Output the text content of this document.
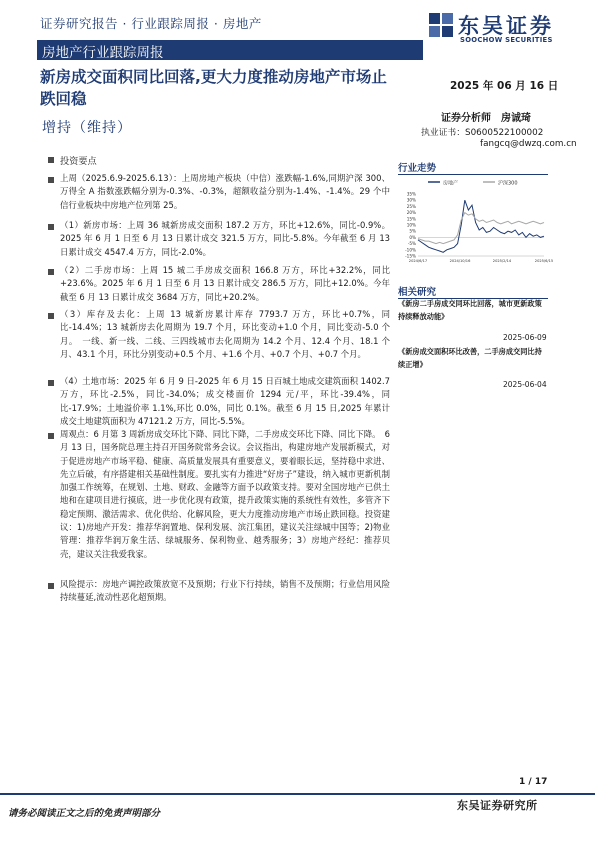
证券研究报告 · 行业跟踪周报 · 房地产	东吴证券
SOOCHOW SECURITIES
房地产行业跟踪周报
新房成交面积同比回落,更大力度推动房地产市场止跌回稳
增持（维持）
2025 年 06 月 16 日
证券分析师　房诚琦
执业证书：S0600522100002
fangcq@dwzq.com.cn
投资要点
上周（2025.6.9-2025.6.13）：上周房地产板块（中信）涨跌幅-1.6%,同期沪深 300、万得全 A 指数涨跌幅分别为-0.3%、-0.3%，超额收益分别为-1.4%、-1.4%。29 个中信行业板块中房地产位列第 25。
（1）新房市场：上周 36 城新房成交面积 187.2 万方，环比+12.6%，同比-0.9%。2025 年 6 月 1 日至 6 月 13 日累计成交 321.5 万方，同比-5.8%。今年截至 6 月 13 日累计成交 4547.4 万方，同比-2.0%。
（2）二手房市场：上周 15 城二手房成交面积 166.8 万方，环比+32.2%，同比+23.6%。2025 年 6 月 1 日至 6 月 13 日累计成交 286.5 万方，同比+12.0%。今年截至 6 月 13 日累计成交 3684 万方，同比+20.2%。
（3）库存及去化：上周 13 城新房累计库存 7793.7 万方，环比+0.7%，同比-14.4%；13 城新房去化周期为 19.7 个月，环比变动+1.0 个月，同比变动-5.0 个月。　一线、新一线、二线、三四线城市去化周期为 14.2 个月、12.4 个月、18.1 个月、43.1 个月，环比分别变动+0.5 个月、+1.6 个月、+0.7 个月、+0.7 个月。
（4）土地市场：2025 年 6 月 9 日-2025 年 6 月 15 日百城土地成交建筑面积 1402.7 万方，环比-2.5%，同比-34.0%；成交楼面价 1294 元/平，环比-39.4%，同比-17.9%；土地溢价率 1.1%,环比 0.0%，同比 0.1%。截至 6 月 15 日,2025 年累计成交土地建筑面积为 47121.2 万方，同比-5.5%。
周观点：6 月第 3 周新房成交环比下降、同比下降，二手房成交环比下降、同比下降。　6 月 13 日，国务院总理主持召开国务院常务会议。会议指出，构建房地产发展新模式，对于促进房地产市场平稳、健康、高质量发展具有重要意义，要着眼长远，坚持稳中求进、先立后破，有序搭建相关基础性制度。要扎实有力推进“好房子”建设，纳入城市更新机制加强工作统筹，在规划、土地、财政、金融等方面予以政策支持。要对全国房地产已供土地和在建项目进行摸底，进一步优化现有政策，提升政策实施的系统性有效性，多管齐下稳定预期、激活需求、优化供给、化解风险，更大力度推动房地产市场止跌回稳。投资建议：1)房地产开发：推荐华润置地、保利发展、滨江集团，建议关注绿城中国等；2)物业管理：推荐华润万象生活、绿城服务、保利物业、越秀服务；3）房地产经纪：推荐贝壳，建议关注我爱我家。
风险提示：房地产调控政策放宽不及预期；行业下行持续，销售不及预期；行业信用风险持续蔓延,流动性恶化超预期。
行业走势
房地产	沪深300
35%
30%
25%
20%
15%
10%
5%
0%
-5%
-10%
-15%
2024/6/17	2024/10/16	2025/2/14	2025/6/15
相关研究
《新房二手房成交同环比回落，城市更新政策持续释放动能》
2025-06-09
《新房成交面积环比改善，二手房成交同比持续正增》
2025-06-04
1 / 17
请务必阅读正文之后的免责声明部分
东吴证券研究所
